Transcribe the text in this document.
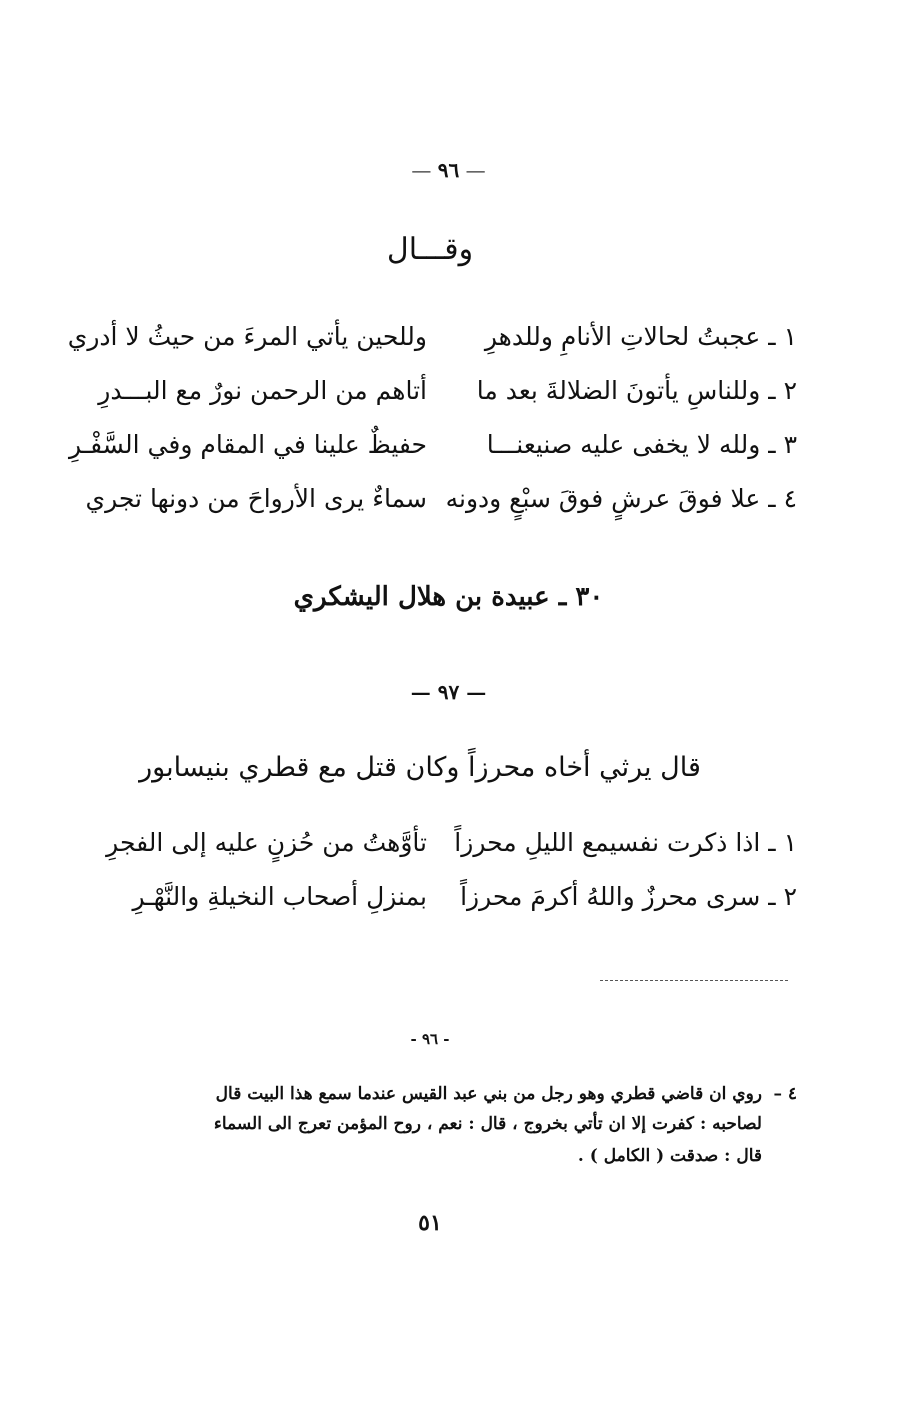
— ٩٦ —
وقـــال
١ ـ عجبتُ لحالاتِ الأنامِ وللدهرِ
وللحين يأتي المرءَ من حيثُ لا أدري
٢ ـ وللناسِ يأتونَ الضلالةَ بعد ما
أتاهم من الرحمن نورٌ مع البـــدرِ
٣ ـ ولله لا يخفى عليه صنيعنـــا
حفيظٌ علينا في المقام وفي السَّفْـرِ
٤ ـ علا فوقَ عرشٍ فوقَ سبْعٍ ودونه
سماءٌ يرى الأرواحَ من دونها تجري
٣٠ ـ عبيدة بن هلال اليشكري
— ٩٧ —
قال يرثي أخاه محرزاً وكان قتل مع قطري بنيسابور
١ ـ اذا ذكرت نفسيمع الليلِ محرزاً
تأوَّهتُ من حُزنٍ عليه إلى الفجرِ
٢ ـ سرى محرزٌ واللهُ أكرمَ محرزاً
بمنزلِ أصحاب النخيلةِ والنَّهْـرِ
- ٩٦ -
٤ –
روي ان قاضي قطري وهو رجل من بني عبد القيس عندما سمع هذا البيت قال
لصاحبه : كفرت إلا ان تأتي بخروج ، قال : نعم ، روح المؤمن تعرج الى السماء
قال : صدقت ( الكامل ) .
٥١
